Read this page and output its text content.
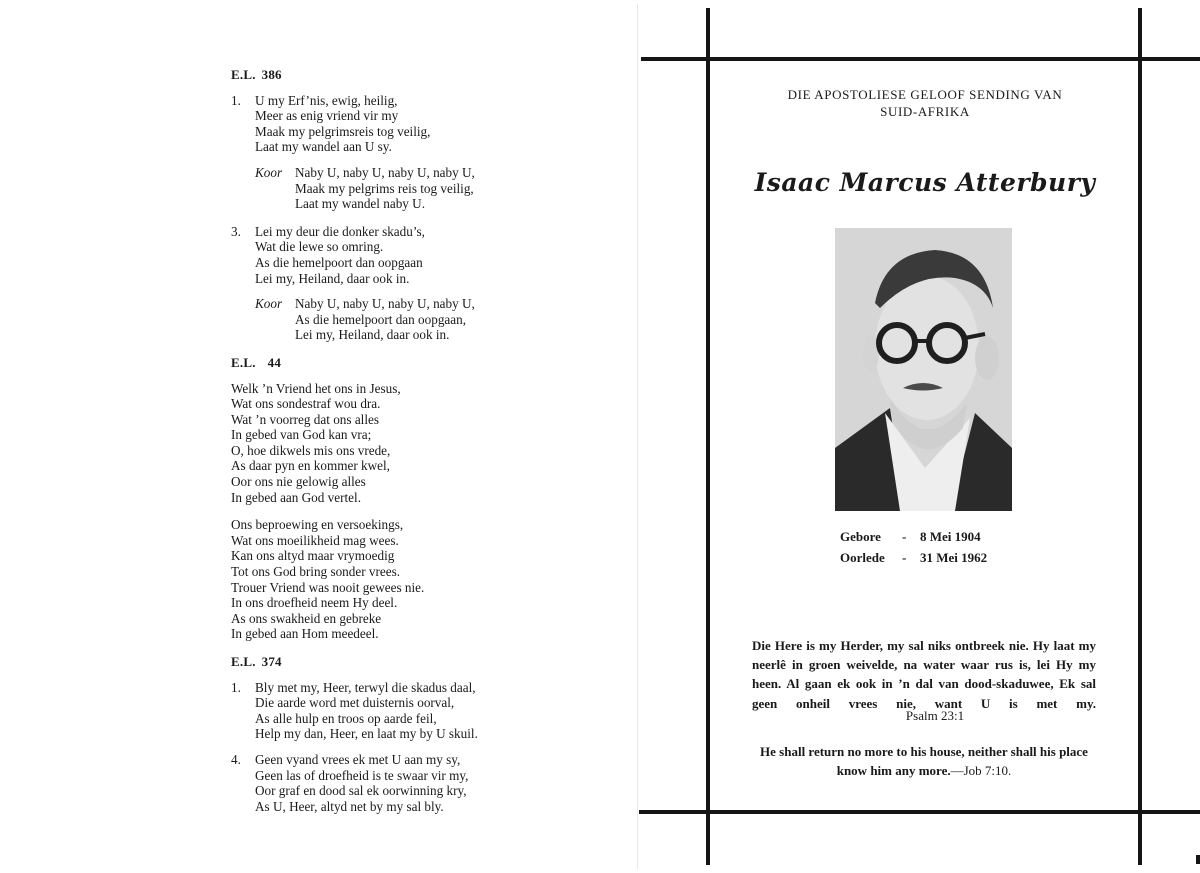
E.L. 386
1.	U my Erf’nis, ewig, heilig,
Meer as enig vriend vir my
Maak my pelgrimsreis tog veilig,
Laat my wandel aan U sy.
Koor Naby U, naby U, naby U, naby U,
Maak my pelgrims reis tog veilig,
Laat my wandel naby U.
3.	Lei my deur die donker skadu’s,
Wat die lewe so omring.
As die hemelpoort dan oopgaan
Lei my, Heiland, daar ook in.
Koor Naby U, naby U, naby U, naby U,
As die hemelpoort dan oopgaan,
Lei my, Heiland, daar ook in.
E.L. 44
Welk ’n Vriend het ons in Jesus,
Wat ons sondestraf wou dra.
Wat ’n voorreg dat ons alles
In gebed van God kan vra;
O, hoe dikwels mis ons vrede,
As daar pyn en kommer kwel,
Oor ons nie gelowig alles
In gebed aan God vertel.
Ons beproewing en versoekings,
Wat ons moeilikheid mag wees.
Kan ons altyd maar vrymoedig
Tot ons God bring sonder vrees.
Trouer Vriend was nooit gewees nie.
In ons droefheid neem Hy deel.
As ons swakheid en gebreke
In gebed aan Hom meedeel.
E.L. 374
1.	Bly met my, Heer, terwyl die skadus daal,
Die aarde word met duisternis oorval,
As alle hulp en troos op aarde feil,
Help my dan, Heer, en laat my by U skuil.
4.	Geen vyand vrees ek met U aan my sy,
Geen las of droefheid is te swaar vir my,
Oor graf en dood sal ek oorwinning kry,
As U, Heer, altyd net by my sal bly.
DIE APOSTOLIESE GELOOF SENDING VAN
SUID-AFRIKA
Isaac Marcus Atterbury
Gebore	-	8 Mei 1904
Oorlede	-	31 Mei 1962
Die Here is my Herder, my sal niks ontbreek nie. Hy laat my neerlê in groen weivelde, na water waar rus is, lei Hy my heen. Al gaan ek ook in ’n dal van dood-skaduwee, Ek sal geen onheil vrees nie, want U is met my.
Psalm 23:1
He shall return no more to his house, neither shall his place know him any more.—Job 7:10.
